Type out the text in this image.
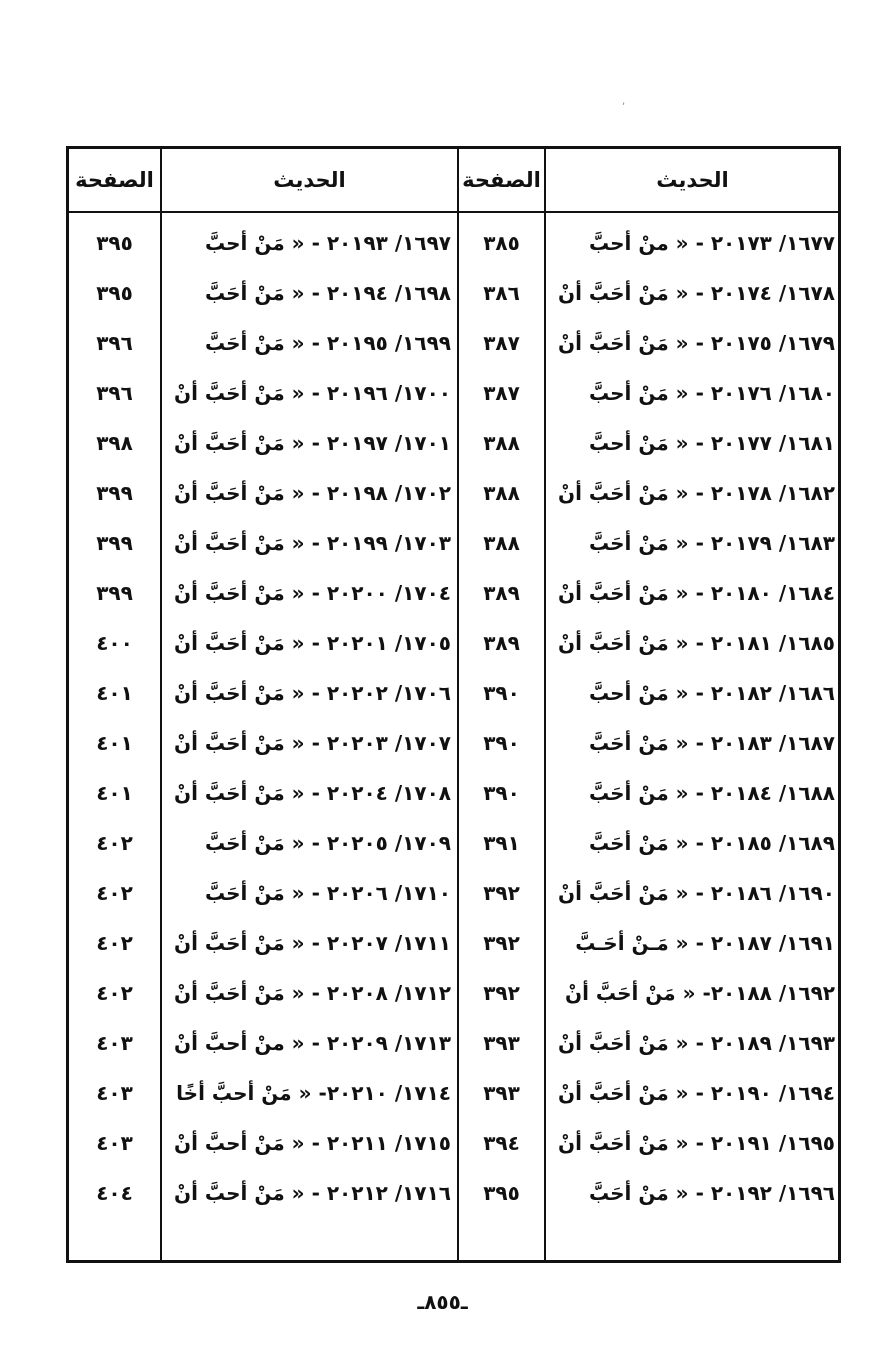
,
الحديث
الصفحة
الحديث
الصفحة
١٦٧٧/ ٢٠١٧٣ - « منْ أحبَّ
٣٨٥
١٦٩٧/ ٢٠١٩٣ - « مَنْ أحبَّ
٣٩٥
١٦٧٨/ ٢٠١٧٤ - « مَنْ أحَبَّ أنْ
٣٨٦
١٦٩٨/ ٢٠١٩٤ - « مَنْ أحَبَّ
٣٩٥
١٦٧٩/ ٢٠١٧٥ - « مَنْ أحَبَّ أنْ
٣٨٧
١٦٩٩/ ٢٠١٩٥ - « مَنْ أحَبَّ
٣٩٦
١٦٨٠/ ٢٠١٧٦ - « مَنْ أحبَّ
٣٨٧
١٧٠٠/ ٢٠١٩٦ - « مَنْ أحَبَّ أنْ
٣٩٦
١٦٨١/ ٢٠١٧٧ - « مَنْ أحبَّ
٣٨٨
١٧٠١/ ٢٠١٩٧ - « مَنْ أحَبَّ أنْ
٣٩٨
١٦٨٢/ ٢٠١٧٨ - « مَنْ أحَبَّ أنْ
٣٨٨
١٧٠٢/ ٢٠١٩٨ - « مَنْ أحَبَّ أنْ
٣٩٩
١٦٨٣/ ٢٠١٧٩ - « مَنْ أحَبَّ
٣٨٨
١٧٠٣/ ٢٠١٩٩ - « مَنْ أحَبَّ أنْ
٣٩٩
١٦٨٤/ ٢٠١٨٠ - « مَنْ أحَبَّ أنْ
٣٨٩
١٧٠٤/ ٢٠٢٠٠ - « مَنْ أحَبَّ أنْ
٣٩٩
١٦٨٥/ ٢٠١٨١ - « مَنْ أحَبَّ أنْ
٣٨٩
١٧٠٥/ ٢٠٢٠١ - « مَنْ أحَبَّ أنْ
٤٠٠
١٦٨٦/ ٢٠١٨٢ - « مَنْ أحبَّ
٣٩٠
١٧٠٦/ ٢٠٢٠٢ - « مَنْ أحَبَّ أنْ
٤٠١
١٦٨٧/ ٢٠١٨٣ - « مَنْ أحَبَّ
٣٩٠
١٧٠٧/ ٢٠٢٠٣ - « مَنْ أحَبَّ أنْ
٤٠١
١٦٨٨/ ٢٠١٨٤ - « مَنْ أحَبَّ
٣٩٠
١٧٠٨/ ٢٠٢٠٤ - « مَنْ أحَبَّ أنْ
٤٠١
١٦٨٩/ ٢٠١٨٥ - « مَنْ أحَبَّ
٣٩١
١٧٠٩/ ٢٠٢٠٥ - « مَنْ أحَبَّ
٤٠٢
١٦٩٠/ ٢٠١٨٦ - « مَنْ أحَبَّ أنْ
٣٩٢
١٧١٠/ ٢٠٢٠٦ - « مَنْ أحَبَّ
٤٠٢
١٦٩١/ ٢٠١٨٧ - « مَـنْ أحَـبَّ
٣٩٢
١٧١١/ ٢٠٢٠٧ - « مَنْ أحَبَّ أنْ
٤٠٢
١٦٩٢/ ٢٠١٨٨- « مَنْ أحَبَّ أنْ
٣٩٢
١٧١٢/ ٢٠٢٠٨ - « مَنْ أحَبَّ أنْ
٤٠٢
١٦٩٣/ ٢٠١٨٩ - « مَنْ أحَبَّ أنْ
٣٩٣
١٧١٣/ ٢٠٢٠٩ - « منْ أحبَّ أنْ
٤٠٣
١٦٩٤/ ٢٠١٩٠ - « مَنْ أحَبَّ أنْ
٣٩٣
١٧١٤/ ٢٠٢١٠- « مَنْ أحبَّ أخًا
٤٠٣
١٦٩٥/ ٢٠١٩١ - « مَنْ أحَبَّ أنْ
٣٩٤
١٧١٥/ ٢٠٢١١ - « مَنْ أحبَّ أنْ
٤٠٣
١٦٩٦/ ٢٠١٩٢ - « مَنْ أحَبَّ
٣٩٥
١٧١٦/ ٢٠٢١٢ - « مَنْ أحبَّ أنْ
٤٠٤
ـ٨٥٥ـ
